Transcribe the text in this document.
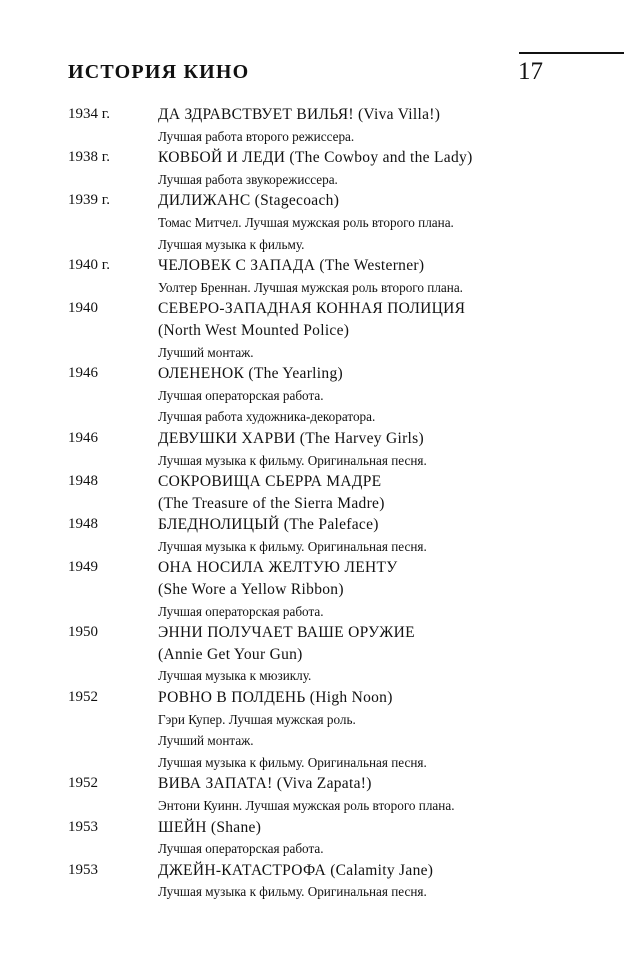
ИСТОРИЯ КИНО	17
ДА ЗДРАВСТВУЕТ ВИЛЬЯ! (Viva Villa!)
1934 г.
Лучшая работа второго режиссера.
КОВБОЙ И ЛЕДИ (The Cowboy and the Lady)
1938 г.
Лучшая работа звукорежиссера.
ДИЛИЖАНС (Stagecoach)
1939 г.
Томас Митчел. Лучшая мужская роль второго плана.
Лучшая музыка к фильму.
ЧЕЛОВЕК С ЗАПАДА (The Westerner)
1940 г.
Уолтер Бреннан. Лучшая мужская роль второго плана.
СЕВЕРО-ЗАПАДНАЯ КОННАЯ ПОЛИЦИЯ
1940
(North West Mounted Police)
Лучший монтаж.
ОЛЕНЕНОК (The Yearling)
1946
Лучшая операторская работа.
Лучшая работа художника-декоратора.
ДЕВУШКИ ХАРВИ (The Harvey Girls)
1946
Лучшая музыка к фильму. Оригинальная песня.
СОКРОВИЩА СЬЕРРА МАДРЕ
1948
(The Treasure of the Sierra Madre)
БЛЕДНОЛИЦЫЙ (The Paleface)
1948
Лучшая музыка к фильму. Оригинальная песня.
ОНА НОСИЛА ЖЕЛТУЮ ЛЕНТУ
1949
(She Wore a Yellow Ribbon)
Лучшая операторская работа.
ЭННИ ПОЛУЧАЕТ ВАШЕ ОРУЖИЕ
1950
(Annie Get Your Gun)
Лучшая музыка к мюзиклу.
РОВНО В ПОЛДЕНЬ (High Noon)
1952
Гэри Купер. Лучшая мужская роль.
Лучший монтаж.
Лучшая музыка к фильму. Оригинальная песня.
ВИВА ЗАПАТА! (Viva Zapata!)
1952
Энтони Куинн. Лучшая мужская роль второго плана.
ШЕЙН (Shane)
1953
Лучшая операторская работа.
ДЖЕЙН-КАТАСТРОФА (Calamity Jane)
1953
Лучшая музыка к фильму. Оригинальная песня.
